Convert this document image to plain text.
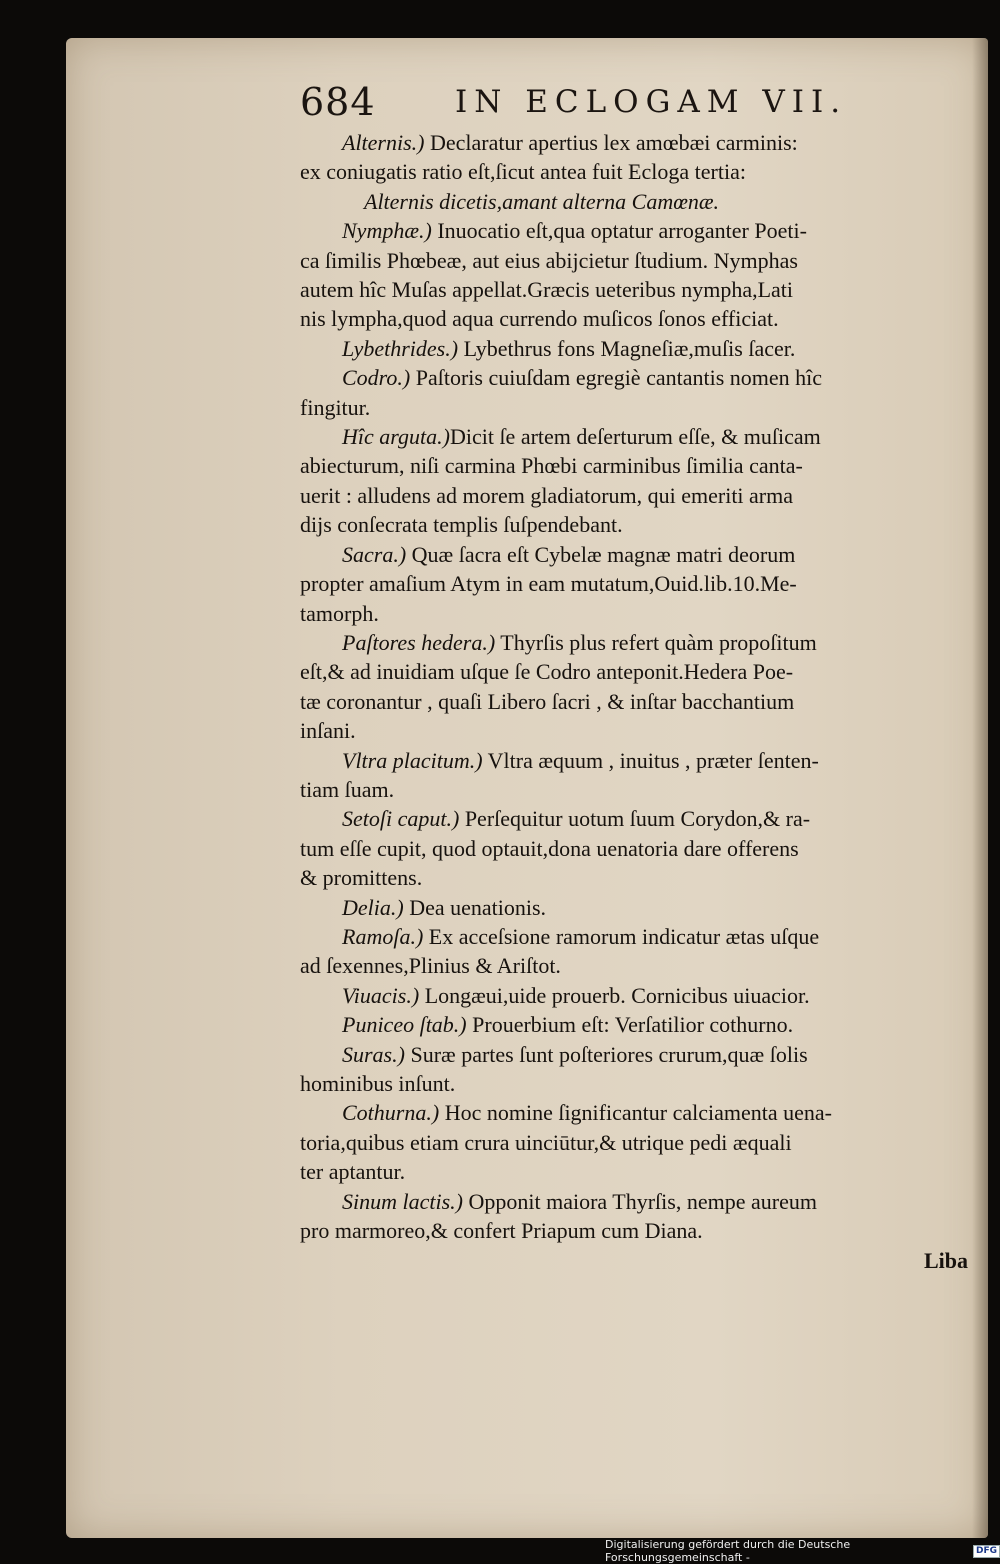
684	IN ECLOGAM VII.
Alternis.) Declaratur apertius lex amœbæi carminis:
ex coniugatis ratio eſt,ſicut antea fuit Ecloga tertia:
Alternis dicetis,amant alterna Camœnæ.
Nymphæ.) Inuocatio eſt,qua optatur arroganter Poeti-
ca ſimilis Phœbeæ, aut eius abijcietur ſtudium. Nymphas
autem hîc Muſas appellat.Græcis ueteribus nympha,Lati
nis lympha,quod aqua currendo muſicos ſonos efficiat.
Lybethrides.) Lybethrus fons Magneſiæ,muſis ſacer.
Codro.) Paſtoris cuiuſdam egregiè cantantis nomen hîc
fingitur.
Hîc arguta.)Dicit ſe artem deſerturum eſſe, & muſicam
abiecturum, niſi carmina Phœbi carminibus ſimilia canta-
uerit : alludens ad morem gladiatorum, qui emeriti arma
dijs conſecrata templis ſuſpendebant.
Sacra.) Quæ ſacra eſt Cybelæ magnæ matri deorum
propter amaſium Atym in eam mutatum,Ouid.lib.10.Me-
tamorph.
Paſtores hedera.) Thyrſis plus refert quàm propoſitum
eſt,& ad inuidiam uſque ſe Codro anteponit.Hedera Poe-
tæ coronantur , quaſi Libero ſacri , & inſtar bacchantium
inſani.
Vltra placitum.) Vltra æquum , inuitus , præter ſenten-
tiam ſuam.
Setoſi caput.) Perſequitur uotum ſuum Corydon,& ra-
tum eſſe cupit, quod optauit,dona uenatoria dare offerens
& promittens.
Delia.) Dea uenationis.
Ramoſa.) Ex acceſsione ramorum indicatur ætas uſque
ad ſexennes,Plinius & Ariſtot.
Viuacis.) Longæui,uide prouerb. Cornicibus uiuacior.
Puniceo ſtab.) Prouerbium eſt: Verſatilior cothurno.
Suras.) Suræ partes ſunt poſteriores crurum,quæ ſolis
hominibus inſunt.
Cothurna.) Hoc nomine ſignificantur calciamenta uena-
toria,quibus etiam crura uinciūtur,& utrique pedi æquali
ter aptantur.
Sinum lactis.) Opponit maiora Thyrſis, nempe aureum
pro marmoreo,& confert Priapum cum Diana.
Liba
Digitalisierung gefördert durch die Deutsche Forschungsgemeinschaft -
DFG
